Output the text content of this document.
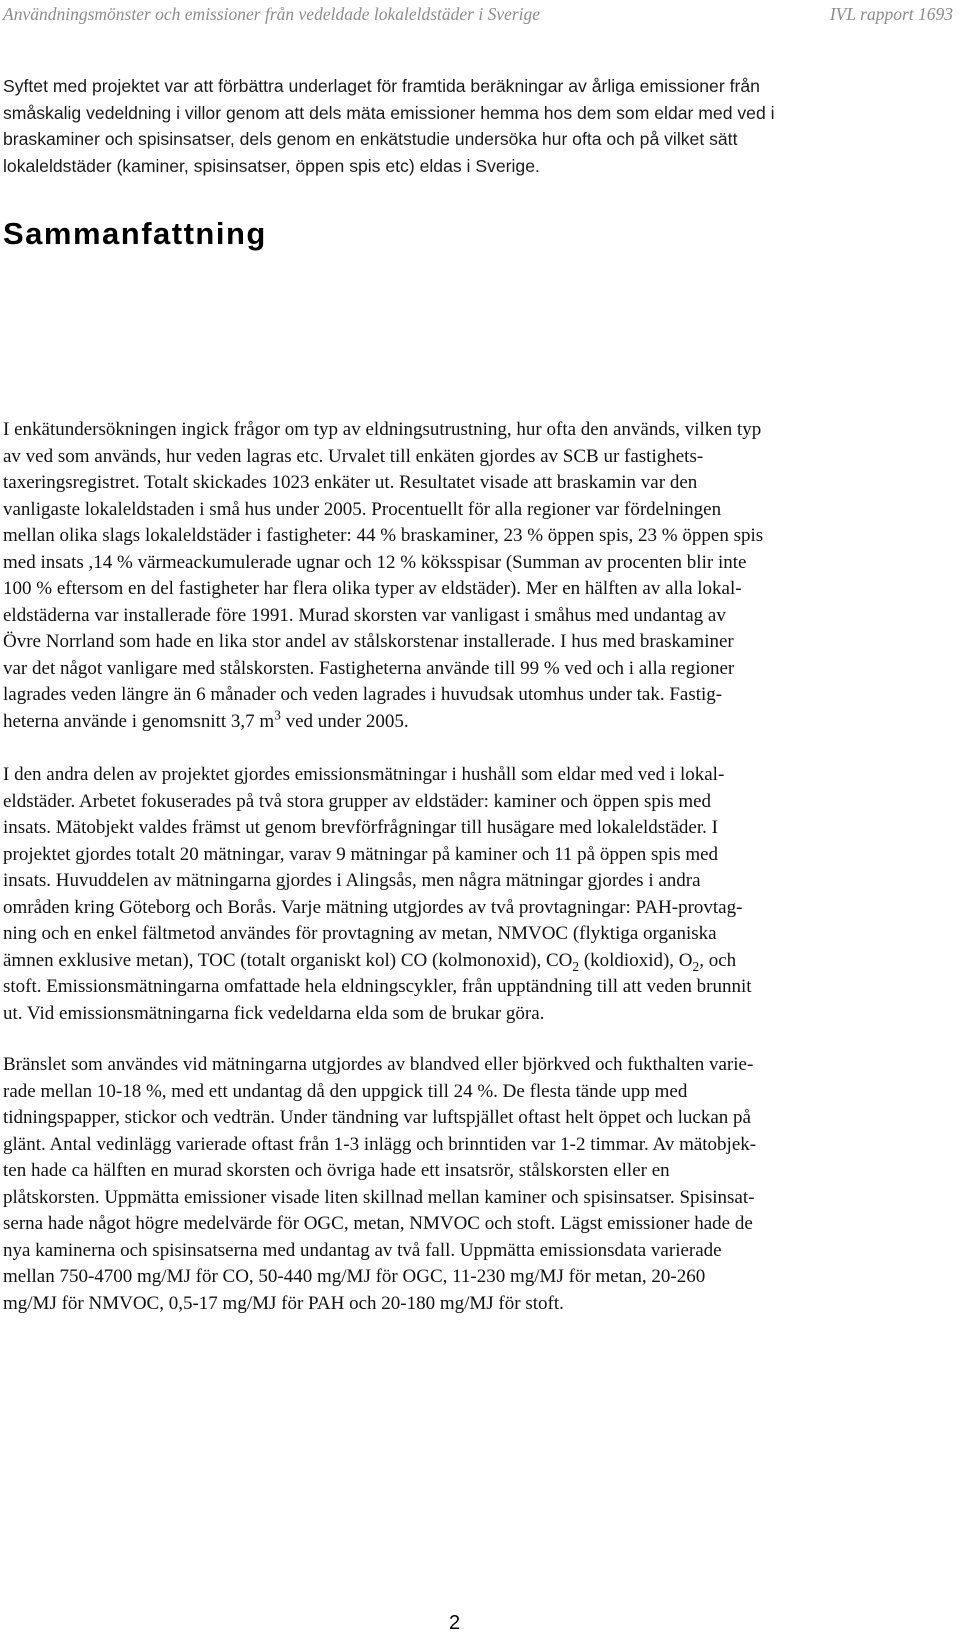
Användningsmönster och emissioner från vedeldade lokaleldstäder i Sverige	IVL rapport 1693
Sammanfattning
Syftet med projektet var att förbättra underlaget för framtida beräkningar av årliga emissioner från
småskalig vedeldning i villor genom att dels mäta emissioner hemma hos dem som eldar med ved i
braskaminer och spisinsatser, dels genom en enkätstudie undersöka hur ofta och på vilket sätt
lokaleldstäder (kaminer, spisinsatser, öppen spis etc) eldas i Sverige.
I enkätundersökningen ingick frågor om typ av eldningsutrustning, hur ofta den används, vilken typ
av ved som används, hur veden lagras etc. Urvalet till enkäten gjordes av SCB ur fastighets-
taxeringsregistret. Totalt skickades 1023 enkäter ut. Resultatet visade att braskamin var den
vanligaste lokaleldstaden i små hus under 2005. Procentuellt för alla regioner var fördelningen
mellan olika slags lokaleldstäder i fastigheter: 44 % braskaminer, 23 % öppen spis, 23 % öppen spis
med insats ,14 % värmeackumulerade ugnar och 12 % köksspisar (Summan av procenten blir inte
100 % eftersom en del fastigheter har flera olika typer av eldstäder). Mer en hälften av alla lokal-
eldstäderna var installerade före 1991. Murad skorsten var vanligast i småhus med undantag av
Övre Norrland som hade en lika stor andel av stålskorstenar installerade. I hus med braskaminer
var det något vanligare med stålskorsten. Fastigheterna använde till 99 % ved och i alla regioner
lagrades veden längre än 6 månader och veden lagrades i huvudsak utomhus under tak. Fastig-
heterna använde i genomsnitt 3,7 $m^3$ ved under 2005.
I den andra delen av projektet gjordes emissionsmätningar i hushåll som eldar med ved i lokal-
eldstäder. Arbetet fokuserades på två stora grupper av eldstäder: kaminer och öppen spis med
insats. Mätobjekt valdes främst ut genom brevförfrågningar till husägare med lokaleldstäder. I
projektet gjordes totalt 20 mätningar, varav 9 mätningar på kaminer och 11 på öppen spis med
insats. Huvuddelen av mätningarna gjordes i Alingsås, men några mätningar gjordes i andra
områden kring Göteborg och Borås. Varje mätning utgjordes av två provtagningar: PAH-provtag-
ning och en enkel fältmetod användes för provtagning av metan, NMVOC (flyktiga organiska
ämnen exklusive metan), TOC (totalt organiskt kol) CO (kolmonoxid), $CO_2$ (koldioxid), $O_2$, och
stoft. Emissionsmätningarna omfattade hela eldningscykler, från upptändning till att veden brunnit
ut. Vid emissionsmätningarna fick vedeldarna elda som de brukar göra.
Bränslet som användes vid mätningarna utgjordes av blandved eller björkved och fukthalten varie-
rade mellan 10-18 %, med ett undantag då den uppgick till 24 %. De flesta tände upp med
tidningspapper, stickor och vedträn. Under tändning var luftspjället oftast helt öppet och luckan på
glänt. Antal vedinlägg varierade oftast från 1-3 inlägg och brinntiden var 1-2 timmar. Av mätobjek-
ten hade ca hälften en murad skorsten och övriga hade ett insatsrör, stålskorsten eller en
plåtskorsten. Uppmätta emissioner visade liten skillnad mellan kaminer och spisinsatser. Spisinsat-
serna hade något högre medelvärde för OGC, metan, NMVOC och stoft. Lägst emissioner hade de
nya kaminerna och spisinsatserna med undantag av två fall. Uppmätta emissionsdata varierade
mellan 750-4700 mg/MJ för CO, 50-440 mg/MJ för OGC, 11-230 mg/MJ för metan, 20-260
mg/MJ för NMVOC, 0,5-17 mg/MJ för PAH och 20-180 mg/MJ för stoft.
2
